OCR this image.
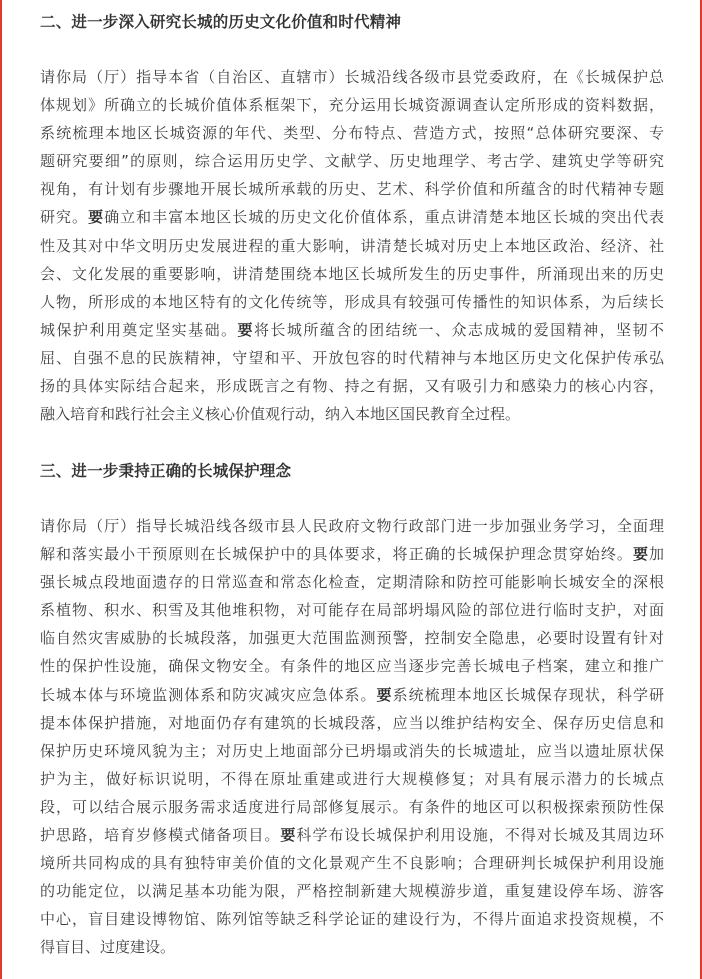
二、进一步深入研究长城的历史文化价值和时代精神
请你局（厅）指导本省（自治区、直辖市）长城沿线各级市县党委政府，在《长城保护总
体规划》所确立的长城价值体系框架下，充分运用长城资源调查认定所形成的资料数据，
系统梳理本地区长城资源的年代、类型、分布特点、营造方式，按照“总体研究要深、专
题研究要细”的原则，综合运用历史学、文献学、历史地理学、考古学、建筑史学等研究
视角，有计划有步骤地开展长城所承载的历史、艺术、科学价值和所蕴含的时代精神专题
研究。要确立和丰富本地区长城的历史文化价值体系，重点讲清楚本地区长城的突出代表
性及其对中华文明历史发展进程的重大影响，讲清楚长城对历史上本地区政治、经济、社
会、文化发展的重要影响，讲清楚围绕本地区长城所发生的历史事件，所涌现出来的历史
人物，所形成的本地区特有的文化传统等，形成具有较强可传播性的知识体系，为后续长
城保护利用奠定坚实基础。要将长城所蕴含的团结统一、众志成城的爱国精神，坚韧不
屈、自强不息的民族精神，守望和平、开放包容的时代精神与本地区历史文化保护传承弘
扬的具体实际结合起来，形成既言之有物、持之有据，又有吸引力和感染力的核心内容，
融入培育和践行社会主义核心价值观行动，纳入本地区国民教育全过程。
三、进一步秉持正确的长城保护理念
请你局（厅）指导长城沿线各级市县人民政府文物行政部门进一步加强业务学习，全面理
解和落实最小干预原则在长城保护中的具体要求，将正确的长城保护理念贯穿始终。要加
强长城点段地面遗存的日常巡查和常态化检查，定期清除和防控可能影响长城安全的深根
系植物、积水、积雪及其他堆积物，对可能存在局部坍塌风险的部位进行临时支护，对面
临自然灾害威胁的长城段落，加强更大范围监测预警，控制安全隐患，必要时设置有针对
性的保护性设施，确保文物安全。有条件的地区应当逐步完善长城电子档案，建立和推广
长城本体与环境监测体系和防灾减灾应急体系。要系统梳理本地区长城保存现状，科学研
提本体保护措施，对地面仍存有建筑的长城段落，应当以维护结构安全、保存历史信息和
保护历史环境风貌为主；对历史上地面部分已坍塌或消失的长城遗址，应当以遗址原状保
护为主，做好标识说明，不得在原址重建或进行大规模修复；对具有展示潜力的长城点
段，可以结合展示服务需求适度进行局部修复展示。有条件的地区可以积极探索预防性保
护思路，培育岁修模式储备项目。要科学布设长城保护利用设施，不得对长城及其周边环
境所共同构成的具有独特审美价值的文化景观产生不良影响；合理研判长城保护利用设施
的功能定位，以满足基本功能为限，严格控制新建大规模游步道，重复建设停车场、游客
中心，盲目建设博物馆、陈列馆等缺乏科学论证的建设行为，不得片面追求投资规模，不
得盲目、过度建设。
